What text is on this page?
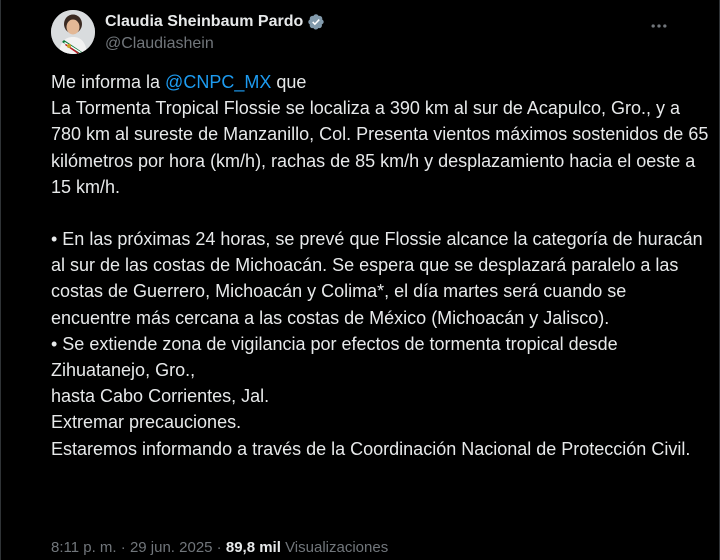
Claudia Sheinbaum Pardo
@Claudiashein

Me informa la @CNPC_MX que

La Tormenta Tropical Flossie se localiza a 390 km al sur de Acapulco, Gro., y a 780 km al sureste de Manzanillo, Col. Presenta vientos máximos sostenidos de 65 kilómetros por hora (km/h), rachas de 85 km/h y desplazamiento hacia el oeste a 15 km/h.

• En las próximas 24 horas, se prevé que Flossie alcance la categoría de huracán al sur de las costas de Michoacán. Se espera que se desplazará paralelo a las costas de Guerrero, Michoacán y Colima*, el día martes será cuando se encuentre más cercana a las costas de México (Michoacán y Jalisco).

• Se extiende zona de vigilancia por efectos de tormenta tropical desde Zihuatanejo, Gro.,

hasta Cabo Corrientes, Jal.

Extremar precauciones.

Estaremos informando a través de la Coordinación Nacional de Protección Civil.

8:11 p. m. · 29 jun. 2025 · 89,8 mil Visualizaciones
